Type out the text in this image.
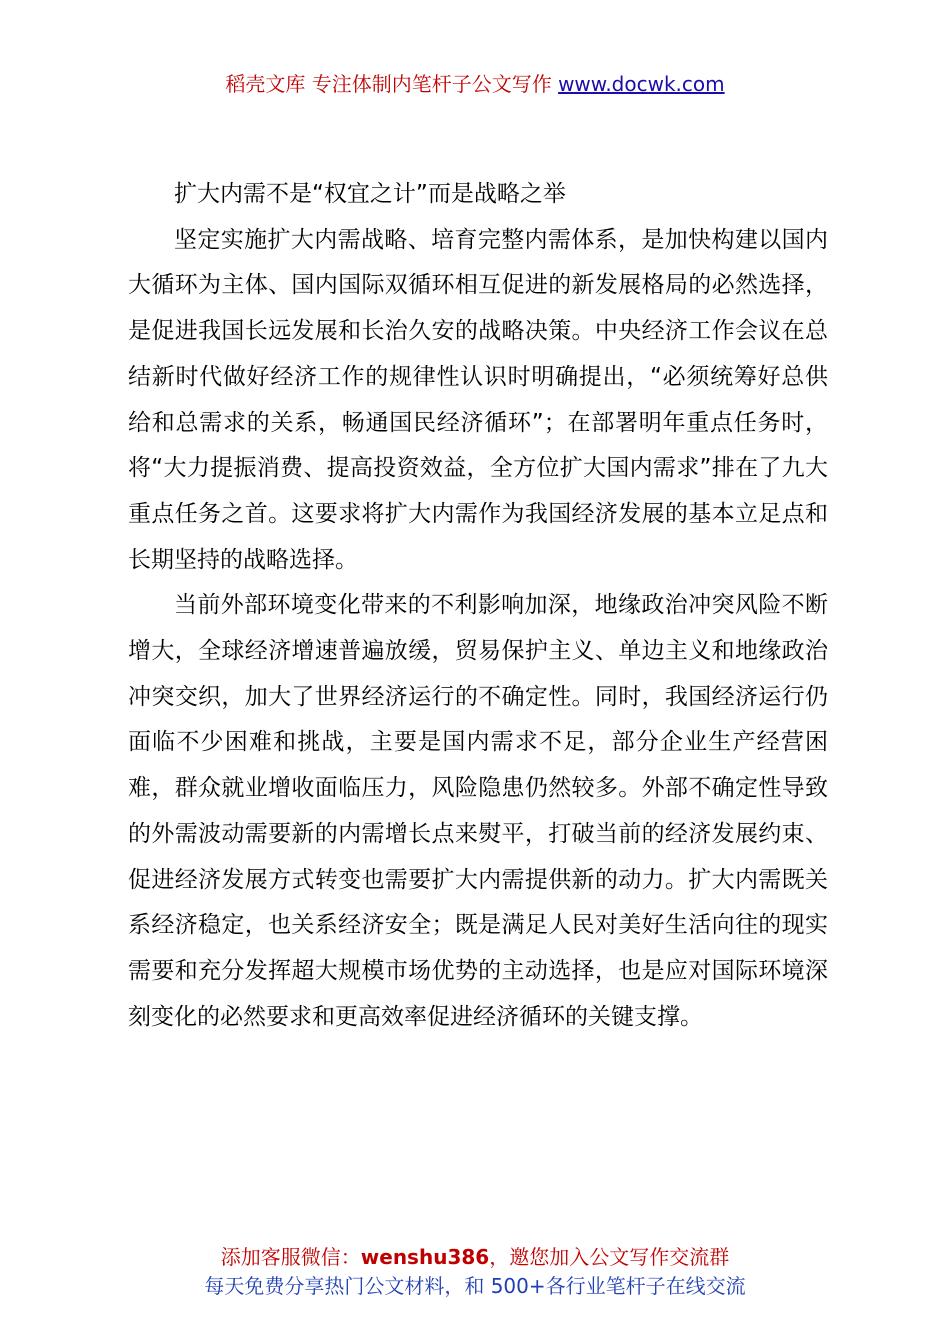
稻壳文库 专注体制内笔杆子公文写作 www.docwk.com

扩大内需不是“权宜之计”而是战略之举

坚定实施扩大内需战略、培育完整内需体系，是加快构建以国内大循环为主体、国内国际双循环相互促进的新发展格局的必然选择，是促进我国长远发展和长治久安的战略决策。中央经济工作会议在总结新时代做好经济工作的规律性认识时明确提出，“必须统筹好总供给和总需求的关系，畅通国民经济循环”；在部署明年重点任务时，将“大力提振消费、提高投资效益，全方位扩大国内需求”排在了九大重点任务之首。这要求将扩大内需作为我国经济发展的基本立足点和长期坚持的战略选择。

当前外部环境变化带来的不利影响加深，地缘政治冲突风险不断增大，全球经济增速普遍放缓，贸易保护主义、单边主义和地缘政治冲突交织，加大了世界经济运行的不确定性。同时，我国经济运行仍面临不少困难和挑战，主要是国内需求不足，部分企业生产经营困难，群众就业增收面临压力，风险隐患仍然较多。外部不确定性导致的外需波动需要新的内需增长点来熨平，打破当前的经济发展约束、促进经济发展方式转变也需要扩大内需提供新的动力。扩大内需既关系经济稳定，也关系经济安全；既是满足人民对美好生活向往的现实需要和充分发挥超大规模市场优势的主动选择，也是应对国际环境深刻变化的必然要求和更高效率促进经济循环的关键支撑。

添加客服微信：wenshu386，邀您加入公文写作交流群
每天免费分享热门公文材料，和 500+各行业笔杆子在线交流
